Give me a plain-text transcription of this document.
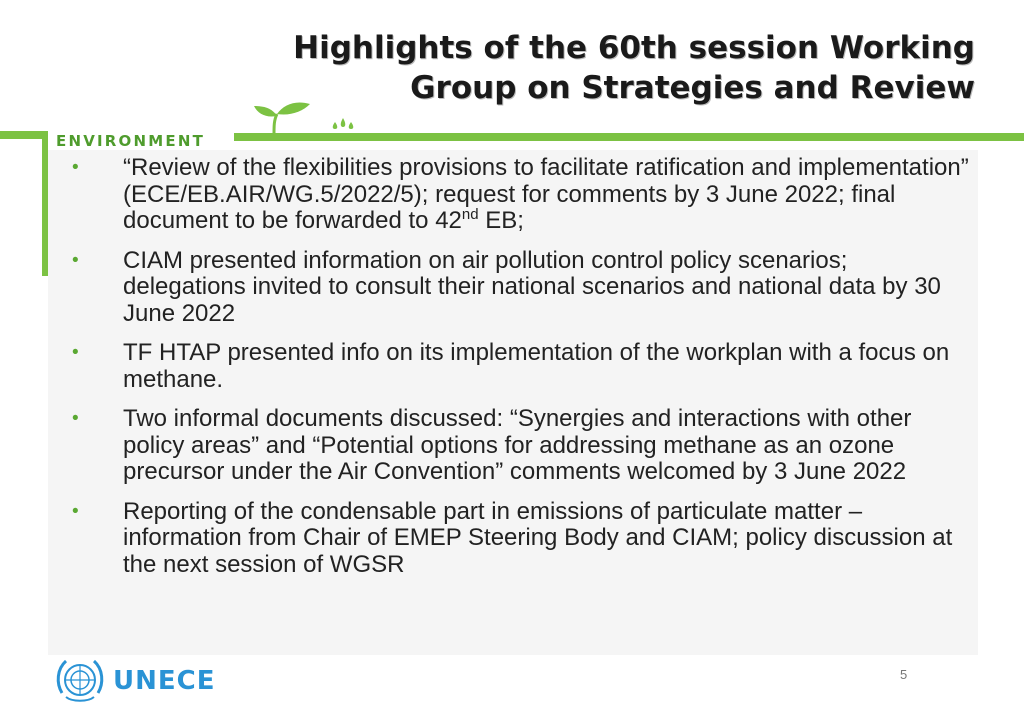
Highlights of the 60th session Working
Group on Strategies and Review
ENVIRONMENT
• “Review of the flexibilities provisions to facilitate ratification and implementation” (ECE/EB.AIR/WG.5/2022/5); request for comments by 3 June 2022; final document to be forwarded to 42nd EB;
• CIAM presented information on air pollution control policy scenarios; delegations invited to consult their national scenarios and national data by 30 June 2022
• TF HTAP presented info on its implementation of the workplan with a focus on methane.
• Two informal documents discussed: “Synergies and interactions with other policy areas” and “Potential options for addressing methane as an ozone precursor under the Air Convention” comments welcomed by 3 June 2022
• Reporting of the condensable part in emissions of particulate matter – information from Chair of EMEP Steering Body and CIAM; policy discussion at the next session of WGSR
UNECE	5
